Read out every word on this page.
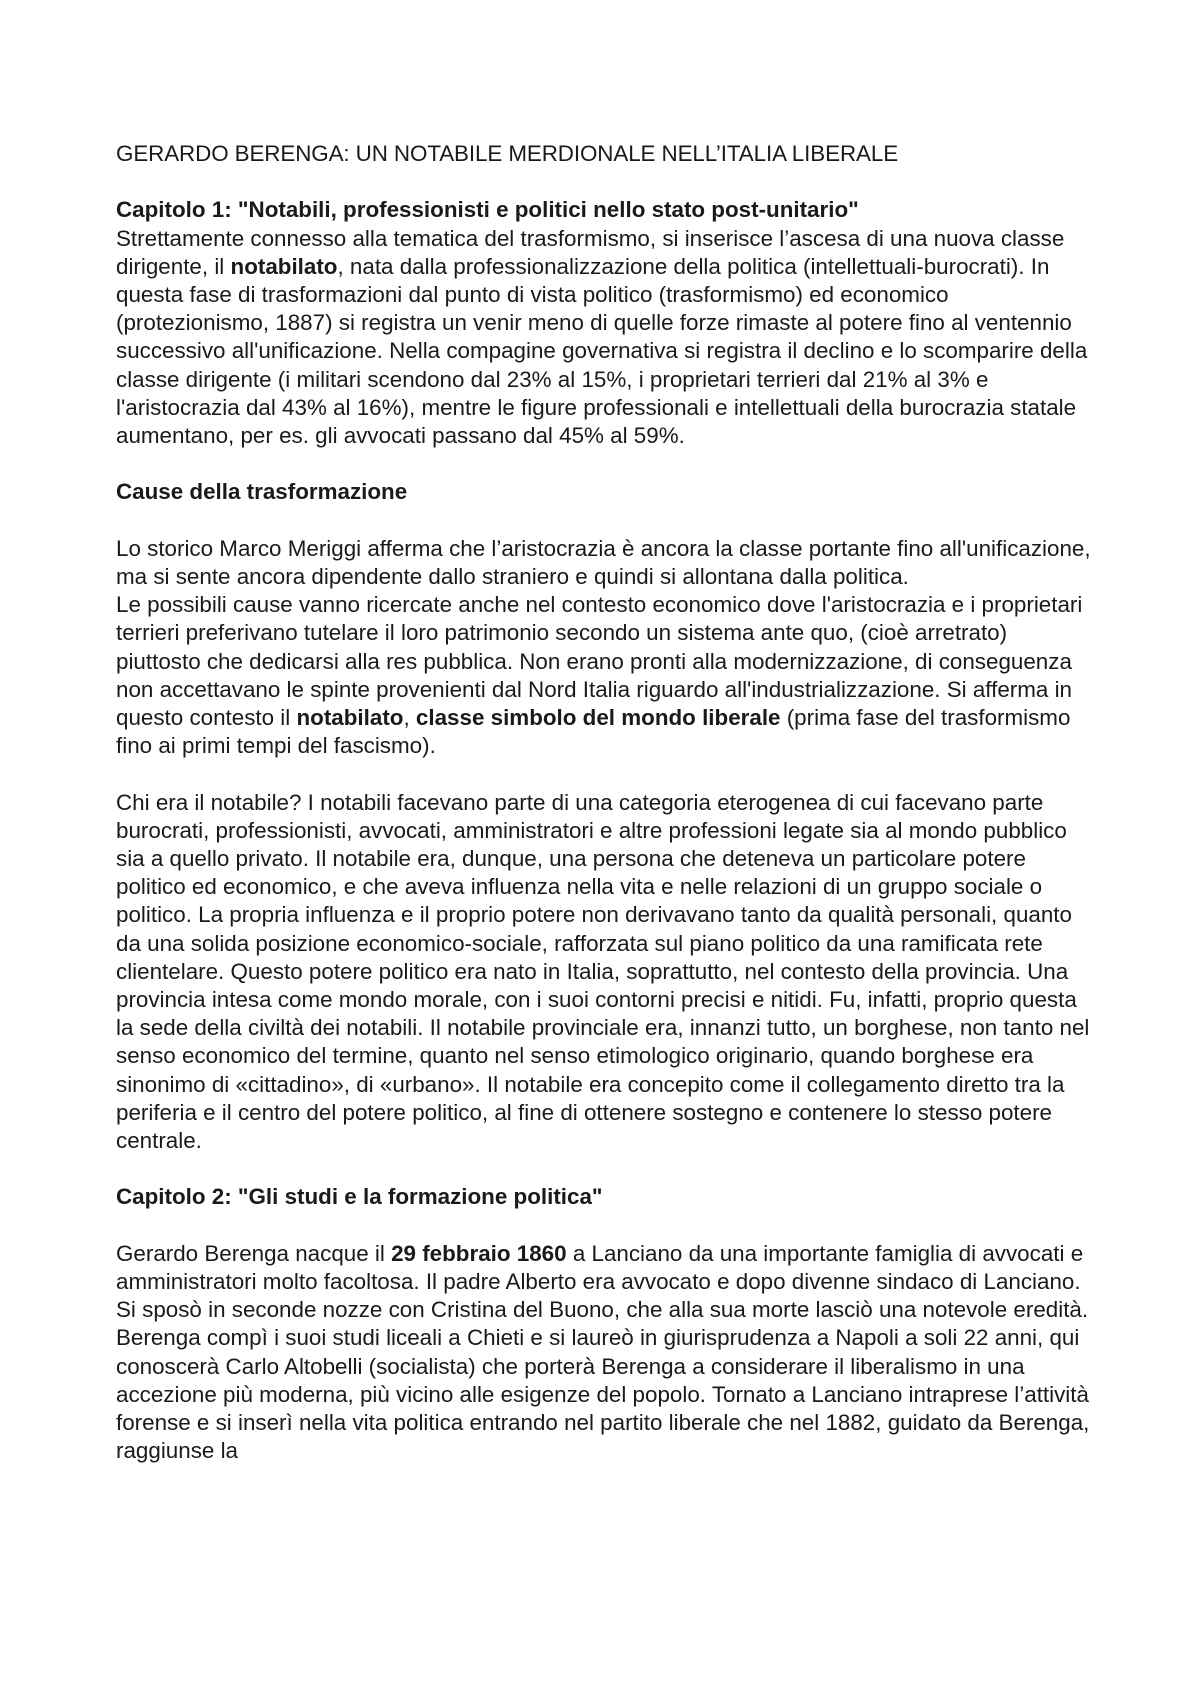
GERARDO BERENGA: UN NOTABILE MERDIONALE NELL’ITALIA LIBERALE

Capitolo 1: "Notabili, professionisti e politici nello stato post-unitario"

Strettamente connesso alla tematica del trasformismo, si inserisce l’ascesa di una nuova classe dirigente, il notabilato, nata dalla professionalizzazione della politica (intellettuali-burocrati). In questa fase di trasformazioni dal punto di vista politico (trasformismo) ed economico (protezionismo, 1887) si registra un venir meno di quelle forze rimaste al potere fino al ventennio successivo all'unificazione. Nella compagine governativa si registra il declino e lo scomparire della classe dirigente (i militari scendono dal 23% al 15%, i proprietari terrieri dal 21% al 3% e l'aristocrazia dal 43% al 16%), mentre le figure professionali e intellettuali della burocrazia statale aumentano, per es. gli avvocati passano dal 45% al 59%.

Cause della trasformazione

Lo storico Marco Meriggi afferma che l’aristocrazia è ancora la classe portante fino all'unificazione, ma si sente ancora dipendente dallo straniero e quindi si allontana dalla politica.

Le possibili cause vanno ricercate anche nel contesto economico dove l'aristocrazia e i proprietari terrieri preferivano tutelare il loro patrimonio secondo un sistema ante quo, (cioè arretrato) piuttosto che dedicarsi alla res pubblica. Non erano pronti alla modernizzazione, di conseguenza non accettavano le spinte provenienti dal Nord Italia riguardo all'industrializzazione. Si afferma in questo contesto il notabilato, classe simbolo del mondo liberale (prima fase del trasformismo fino ai primi tempi del fascismo).

Chi era il notabile? I notabili facevano parte di una categoria eterogenea di cui facevano parte burocrati, professionisti, avvocati, amministratori e altre professioni legate sia al mondo pubblico sia a quello privato. Il notabile era, dunque, una persona che deteneva un particolare potere politico ed economico, e che aveva influenza nella vita e nelle relazioni di un gruppo sociale o politico. La propria influenza e il proprio potere non derivavano tanto da qualità personali, quanto da una solida posizione economico-sociale, rafforzata sul piano politico da una ramificata rete clientelare. Questo potere politico era nato in Italia, soprattutto, nel contesto della provincia. Una provincia intesa come mondo morale, con i suoi contorni precisi e nitidi. Fu, infatti, proprio questa la sede della civiltà dei notabili. Il notabile provinciale era, innanzi tutto, un borghese, non tanto nel senso economico del termine, quanto nel senso etimologico originario, quando borghese era sinonimo di «cittadino», di «urbano». Il notabile era concepito come il collegamento diretto tra la periferia e il centro del potere politico, al fine di ottenere sostegno e contenere lo stesso potere centrale.

Capitolo 2: "Gli studi e la formazione politica"

Gerardo Berenga nacque il 29 febbraio 1860 a Lanciano da una importante famiglia di avvocati e amministratori molto facoltosa. Il padre Alberto era avvocato e dopo divenne sindaco di Lanciano. Si sposò in seconde nozze con Cristina del Buono, che alla sua morte lasciò una notevole eredità. Berenga compì i suoi studi liceali a Chieti e si laureò in giurisprudenza a Napoli a soli 22 anni, qui conoscerà Carlo Altobelli (socialista) che porterà Berenga a considerare il liberalismo in una accezione più moderna, più vicino alle esigenze del popolo. Tornato a Lanciano intraprese l’attività forense e si inserì nella vita politica entrando nel partito liberale che nel 1882, guidato da Berenga, raggiunse la
